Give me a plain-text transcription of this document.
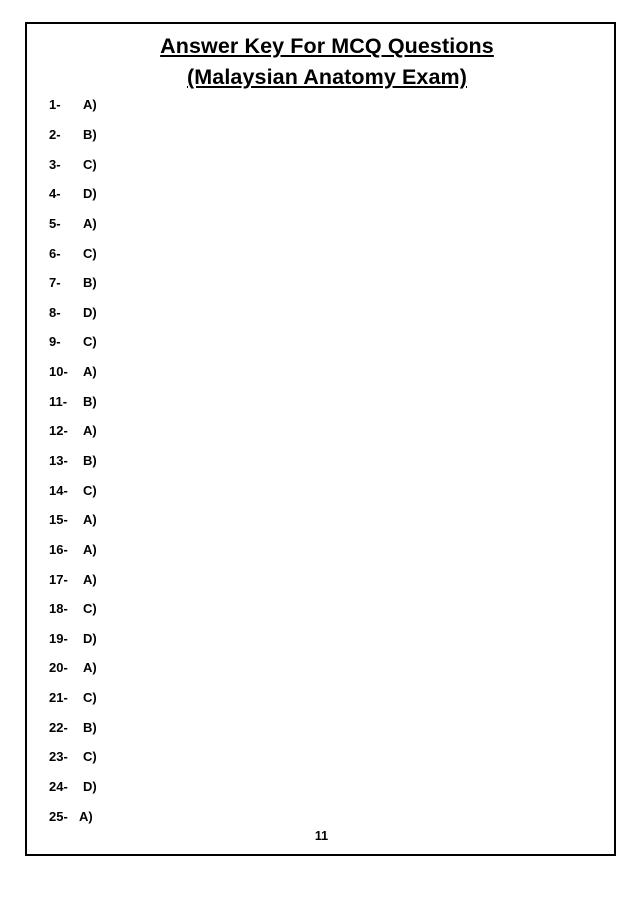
Answer Key For MCQ Questions
(Malaysian Anatomy Exam)
1-	A)
2-	B)
3-	C)
4-	D)
5-	A)
6-	C)
7-	B)
8-	D)
9-	C)
10-	A)
11-	B)
12-	A)
13-	B)
14-	C)
15-	A)
16-	A)
17-	A)
18-	C)
19-	D)
20-	A)
21-	C)
22-	B)
23-	C)
24-	D)
25- A)
11
